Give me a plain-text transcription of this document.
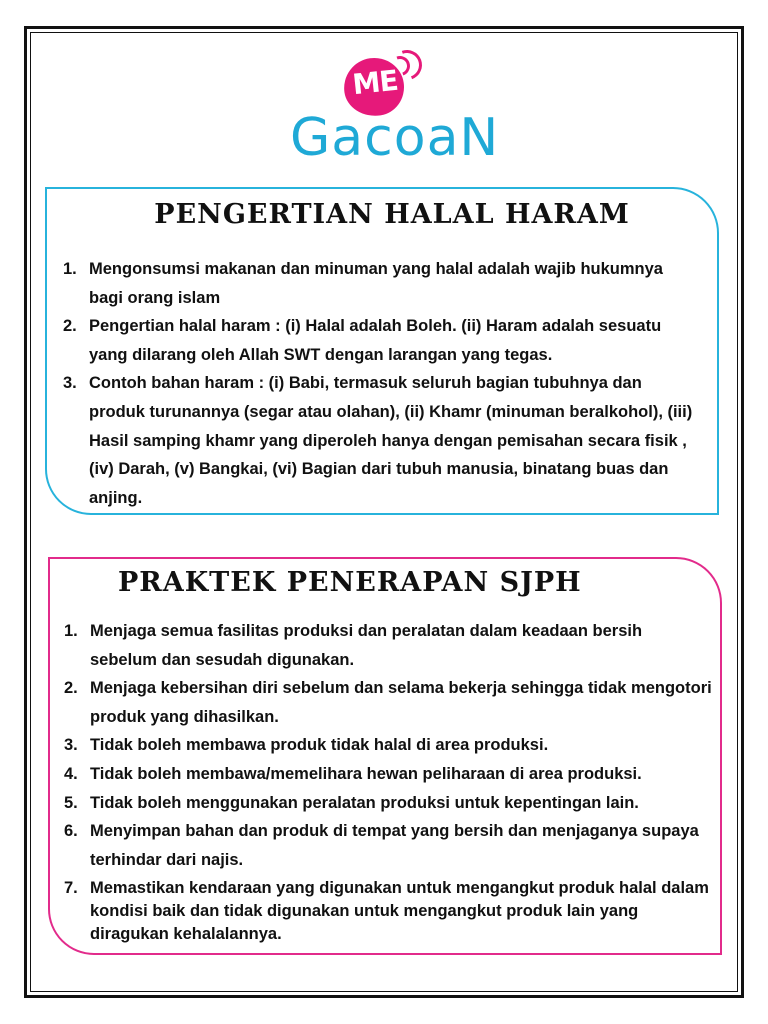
ME
GacoaN
PENGERTIAN HALAL HARAM
1. Mengonsumsi makanan dan minuman yang halal adalah wajib hukumnya bagi orang islam
2. Pengertian halal haram : (i) Halal adalah Boleh. (ii) Haram adalah sesuatu yang dilarang oleh Allah SWT dengan larangan yang tegas.
3. Contoh bahan haram : (i) Babi, termasuk seluruh bagian tubuhnya dan produk turunannya (segar atau olahan), (ii) Khamr (minuman beralkohol), (iii) Hasil samping khamr yang diperoleh hanya dengan pemisahan secara fisik , (iv) Darah, (v) Bangkai, (vi) Bagian dari tubuh manusia, binatang buas dan anjing.
PRAKTEK PENERAPAN SJPH
1. Menjaga semua fasilitas produksi dan peralatan dalam keadaan bersih sebelum dan sesudah digunakan.
2. Menjaga kebersihan diri sebelum dan selama bekerja sehingga tidak mengotori produk yang dihasilkan.
3. Tidak boleh membawa produk tidak halal di area produksi.
4. Tidak boleh membawa/memelihara hewan peliharaan di area produksi.
5. Tidak boleh menggunakan peralatan produksi untuk kepentingan lain.
6. Menyimpan bahan dan produk di tempat yang bersih dan menjaganya supaya terhindar dari najis.
7. Memastikan kendaraan yang digunakan untuk mengangkut produk halal dalam kondisi baik dan tidak digunakan untuk mengangkut produk lain yang diragukan kehalalannya.
